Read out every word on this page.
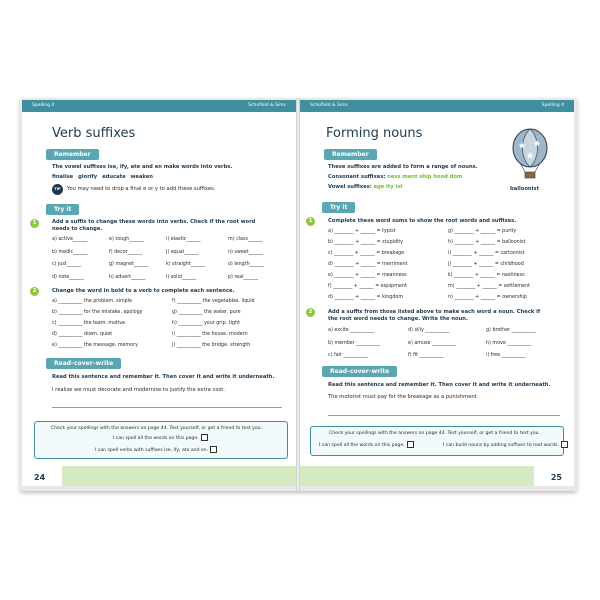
Spelling 4	Schofield & Sims
Verb suffixes
Remember
The vowel suffixes ise, ify, ate and en make words into verbs.
finalise glorify educate weaken
TIP	You may need to drop a final e or y to add these suffixes.
Try it
1	Add a suffix to change these words into verbs. Check if the root word
needs to change.
a) active______	e) tough______	i) elastic______	m) class______
b) medic______	f) decor______	j) equal______	n) sweet______
c) just______	g) magnet______	k) straight______	o) length______
d) note______	h) advert______	l) solid______	p) real______
2	Change the word in bold to a verb to complete each sentence.
a) __________ the problem. simple	f) __________ the vegetables. liquid
b) __________ for the mistake. apology	g) __________ the water. pure
c) __________ the team. motive	h) __________ your grip. tight
d) __________ down. quiet	i) __________ the house. modern
e) __________ the message. memory	j) __________ the bridge. strength
Read–cover–write
Read this sentence and remember it. Then cover it and write it underneath.
I realise we must decorate and modernise to justify the extra cost.
Check your spellings with the answers on page 44. Test yourself, or get a friend to test you.
I can spell all the words on this page.
I can spell verbs with suffixes ise, ify, ate and en.
24
Schofield & Sims	Spelling 4
Forming nouns
Remember
These suffixes are added to form a range of nouns.
Consonant suffixes: ness ment ship hood dom
Vowel suffixes: age ity ist	balloonist
Try it
1	Complete these word sums to show the root words and suffixes.
a) ________ + ______ = typist	g) ________ + ______ = purity
b) ________ + ______ = stupidity	h) ________ + ______ = balloonist
c) ________ + ______ = breakage	i) ________ + ______ = cartoonist
d) ________ + ______ = merriment	j) ________ + ______ = childhood
e) ________ + ______ = meanness	k) ________ + ______ = nastiness
f) ________ + ______ = equipment	m) ________ + ______ = settlement
d) ________ + ______ = kingdom	n) ________ + ______ = ownership
2	Add a suffix from those listed above to make each word a noun. Check if
the root word needs to change. Write the noun.
a) excite __________	d) silly __________	g) brother __________
b) member __________	e) amuse __________	h) move __________
c) fair __________	f) fit __________	i) free __________
Read–cover–write
Read this sentence and remember it. Then cover it and write it underneath.
The motorist must pay for the breakage as a punishment.
Check your spellings with the answers on page 44. Test yourself, or get a friend to test you.
I can spell all the words on this page.	I can build nouns by adding suffixes to root words.
25
